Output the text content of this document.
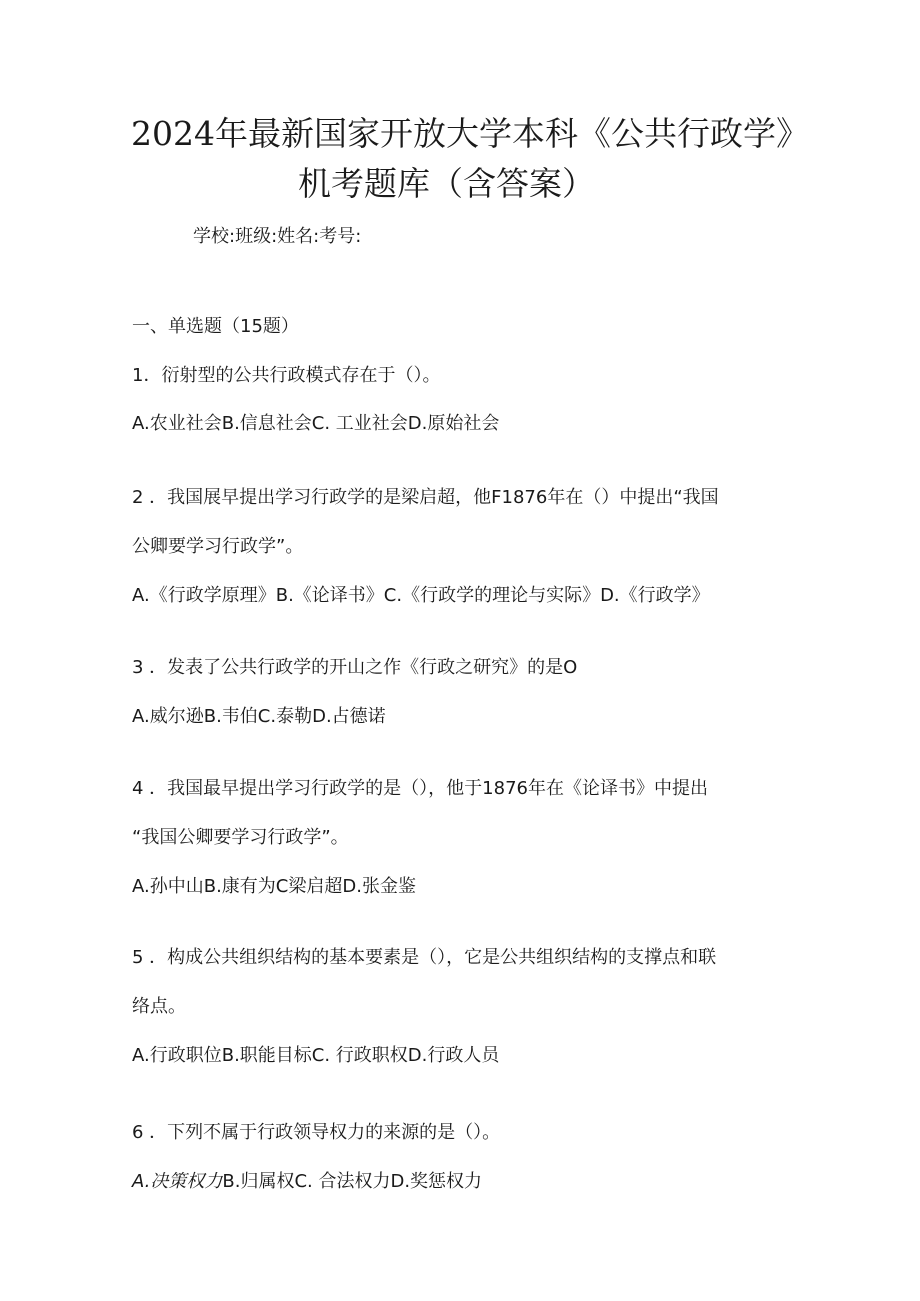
2024年最新国家开放大学本科《公共行政学》
机考题库（含答案）
学校:班级:姓名:考号:
一、单选题（15题）
1．衍射型的公共行政模式存在于（）。
A.农业社会B.信息社会C. 工业社会D.原始社会
2 ．我国展早提出学习行政学的是梁启超，他F1876年在（）中提出“我国
公卿要学习行政学”。
A.《行政学原理》B.《论译书》C.《行政学的理论与实际》D.《行政学》
3 ．发表了公共行政学的开山之作《行政之研究》的是O
A.威尔逊B.韦伯C.泰勒D.占德诺
4 ．我国最早提出学习行政学的是（），他于1876年在《论译书》中提出
“我国公卿要学习行政学”。
A.孙中山B.康有为C梁启超D.张金鉴
5 ．构成公共组织结构的基本要素是（），它是公共组织结构的支撑点和联
络点。
A.行政职位B.职能目标C. 行政职权D.行政人员
6 ．下列不属于行政领导权力的来源的是（）。
A.决策权力B.归属权C. 合法权力D.奖惩权力
